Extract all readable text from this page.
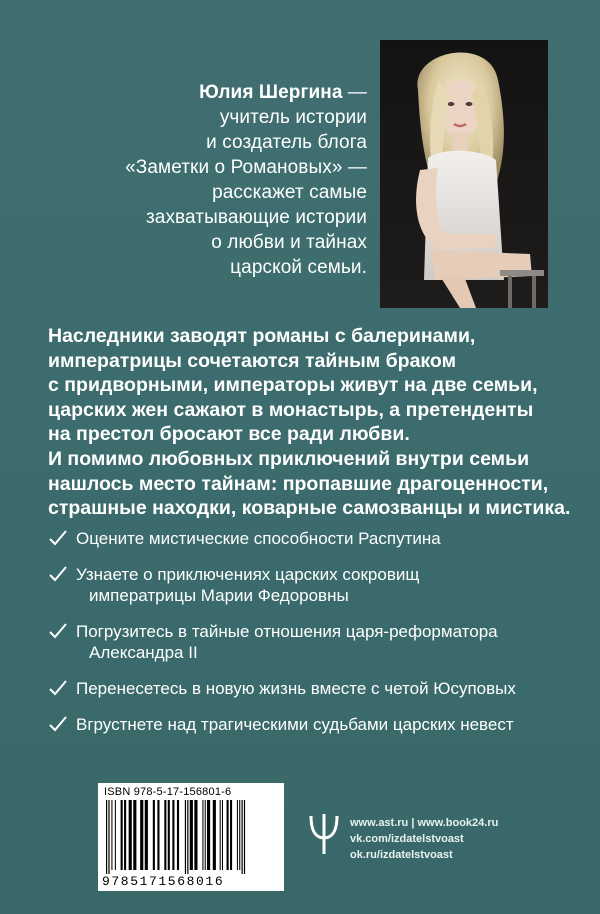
Юлия Шергина —
учитель истории
и создатель блога
«Заметки о Романовых» —
расскажет самые
захватывающие истории
о любви и тайнах
царской семьи.
Наследники заводят романы с балеринами,
императрицы сочетаются тайным браком
с придворными, императоры живут на две семьи,
царских жен сажают в монастырь, а претенденты
на престол бросают все ради любви.
И помимо любовных приключений внутри семьи
нашлось место тайнам: пропавшие драгоценности,
страшные находки, коварные самозванцы и мистика.
Оцените мистические способности Распутина
Узнаете о приключениях царских сокровищ
императрицы Марии Федоровны
Погрузитесь в тайные отношения царя-реформатора
Александра II
Перенесетесь в новую жизнь вместе с четой Юсуповых
Вгрустнете над трагическими судьбами царских невест
ISBN 978-5-17-156801-6
9785171568016
www.ast.ru | www.book24.ru
vk.com/izdatelstvoast
ok.ru/izdatelstvoast
